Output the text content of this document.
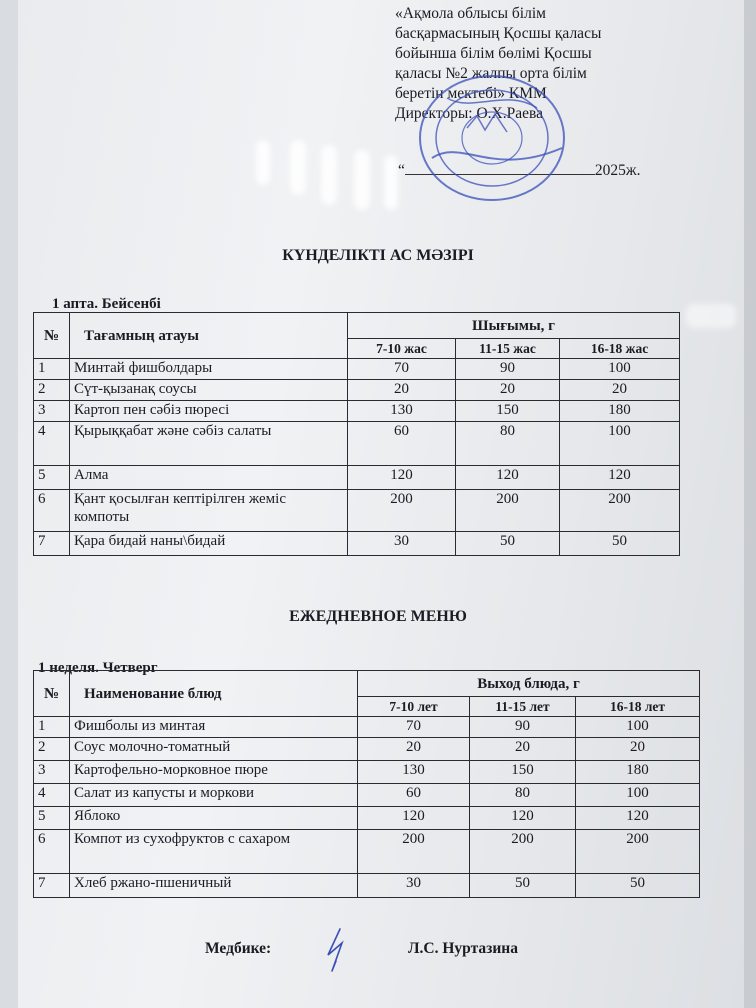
«Ақмола облысы білім
басқармасының Қосшы қаласы
бойынша білім бөлімі Қосшы
қаласы №2 жалпы орта білім
беретін мектебі» КММ
Директоры: О.Х.Раева
“	2025ж.
КҮНДЕЛІКТІ АС МӘЗІРІ
1 апта. Бейсенбі
№	Тағамның атауы	Шығымы, г		
		7-10 жас	11-15 жас	16-18 жас
1	Минтай фишболдары	70	90	100
2	Сүт-қызанақ соусы	20	20	20
3	Картоп пен сәбіз пюресі	130	150	180
4	Қырыққабат және сәбіз салаты	60	80	100
5	Алма	120	120	120
6	Қант қосылған кептірілген жеміс компоты	200	200	200
7	Қара бидай наны\бидай	30	50	50
ЕЖЕДНЕВНОЕ МЕНЮ
1 неделя. Четверг
№	Наименование блюд	Выход блюда, г		
		7-10 лет	11-15 лет	16-18 лет
1	Фишболы из минтая	70	90	100
2	Соус молочно-томатный	20	20	20
3	Картофельно-морковное пюре	130	150	180
4	Салат из капусты и моркови	60	80	100
5	Яблоко	120	120	120
6	Компот из сухофруктов с сахаром	200	200	200
7	Хлеб ржано-пшеничный	30	50	50
Медбике:	Л.С. Нуртазина
